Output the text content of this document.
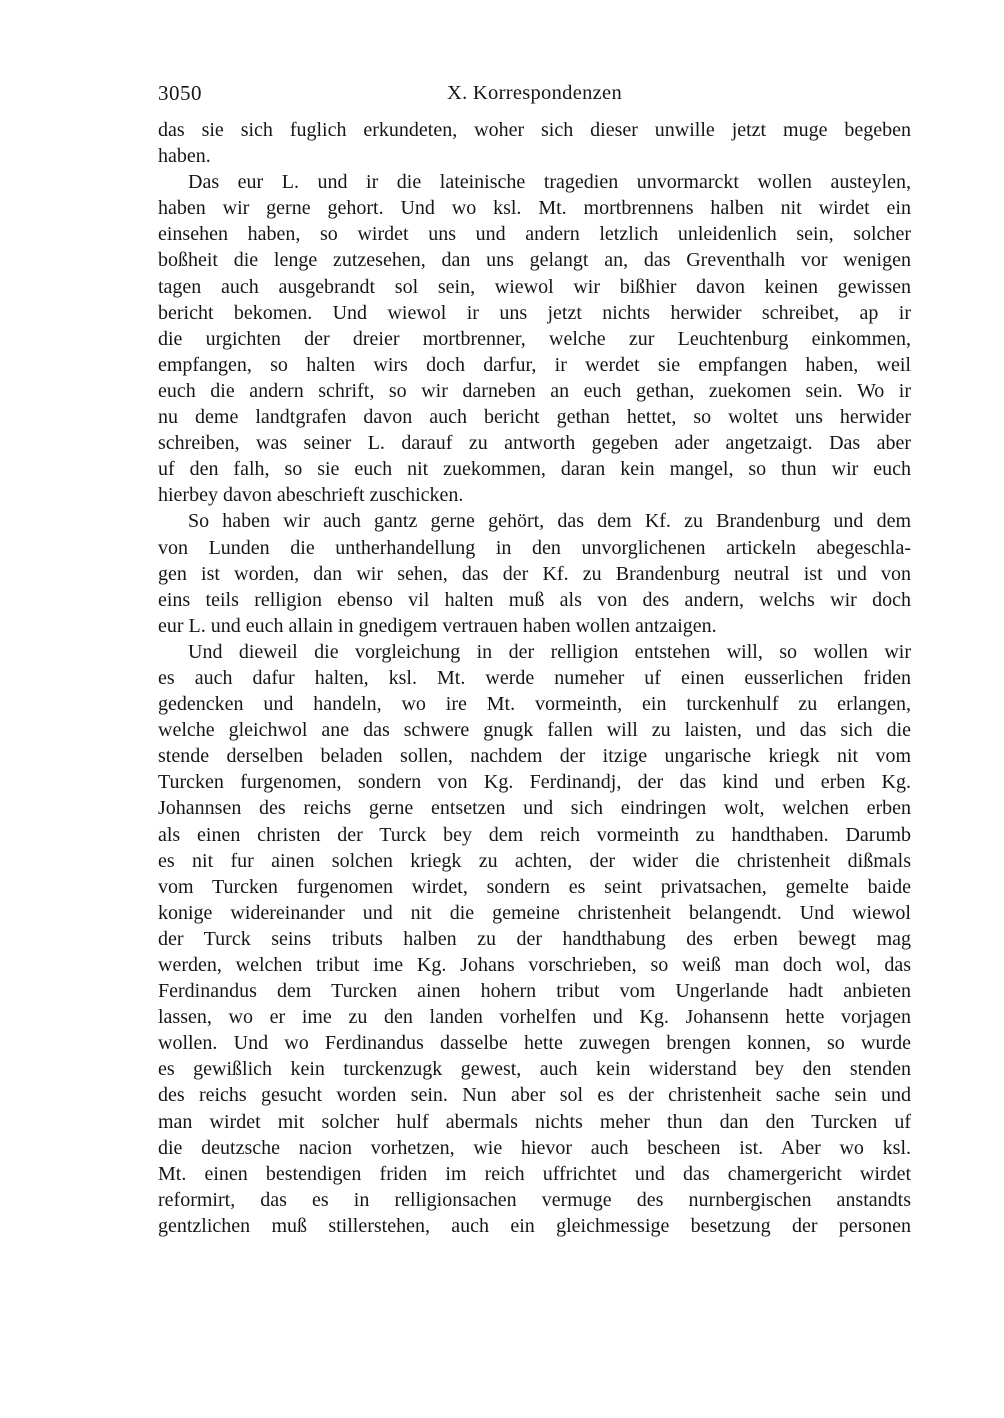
3050	X. Korrespondenzen
das sie sich fuglich erkundeten, woher sich dieser unwille jetzt muge begeben
haben.
Das eur L. und ir die lateinische tragedien unvormarckt wollen austeylen,
haben wir gerne gehort. Und wo ksl. Mt. mortbrennens halben nit wirdet ein
einsehen haben, so wirdet uns und andern letzlich unleidenlich sein, solcher
boßheit die lenge zutzesehen, dan uns gelangt an, das Greventhalh vor wenigen
tagen auch ausgebrandt sol sein, wiewol wir bißhier davon keinen gewissen
bericht bekomen. Und wiewol ir uns jetzt nichts herwider schreibet, ap ir
die urgichten der dreier mortbrenner, welche zur Leuchtenburg einkommen,
empfangen, so halten wirs doch darfur, ir werdet sie empfangen haben, weil
euch die andern schrift, so wir darneben an euch gethan, zuekomen sein. Wo ir
nu deme landtgrafen davon auch bericht gethan hettet, so woltet uns herwider
schreiben, was seiner L. darauf zu antworth gegeben ader angetzaigt. Das aber
uf den falh, so sie euch nit zuekommen, daran kein mangel, so thun wir euch
hierbey davon abeschrieft zuschicken.
So haben wir auch gantz gerne gehört, das dem Kf. zu Brandenburg und dem
von Lunden die untherhandellung in den unvorglichenen artickeln abegeschla-
gen ist worden, dan wir sehen, das der Kf. zu Brandenburg neutral ist und von
eins teils relligion ebenso vil halten muß als von des andern, welchs wir doch
eur L. und euch allain in gnedigem vertrauen haben wollen antzaigen.
Und dieweil die vorgleichung in der relligion entstehen will, so wollen wir
es auch dafur halten, ksl. Mt. werde numeher uf einen eusserlichen friden
gedencken und handeln, wo ire Mt. vormeinth, ein turckenhulf zu erlangen,
welche gleichwol ane das schwere gnugk fallen will zu laisten, und das sich die
stende derselben beladen sollen, nachdem der itzige ungarische kriegk nit vom
Turcken furgenomen, sondern von Kg. Ferdinandj, der das kind und erben Kg.
Johannsen des reichs gerne entsetzen und sich eindringen wolt, welchen erben
als einen christen der Turck bey dem reich vormeinth zu handthaben. Darumb
es nit fur ainen solchen kriegk zu achten, der wider die christenheit dißmals
vom Turcken furgenomen wirdet, sondern es seint privatsachen, gemelte baide
konige widereinander und nit die gemeine christenheit belangendt. Und wiewol
der Turck seins tributs halben zu der handthabung des erben bewegt mag
werden, welchen tribut ime Kg. Johans vorschrieben, so weiß man doch wol, das
Ferdinandus dem Turcken ainen hohern tribut vom Ungerlande hadt anbieten
lassen, wo er ime zu den landen vorhelfen und Kg. Johansenn hette vorjagen
wollen. Und wo Ferdinandus dasselbe hette zuwegen brengen konnen, so wurde
es gewißlich kein turckenzugk gewest, auch kein widerstand bey den stenden
des reichs gesucht worden sein. Nun aber sol es der christenheit sache sein und
man wirdet mit solcher hulf abermals nichts meher thun dan den Turcken uf
die deutzsche nacion vorhetzen, wie hievor auch bescheen ist. Aber wo ksl.
Mt. einen bestendigen friden im reich uffrichtet und das chamergericht wirdet
reformirt, das es in relligionsachen vermuge des nurnbergischen anstandts
gentzlichen muß stillerstehen, auch ein gleichmessige besetzung der personen
